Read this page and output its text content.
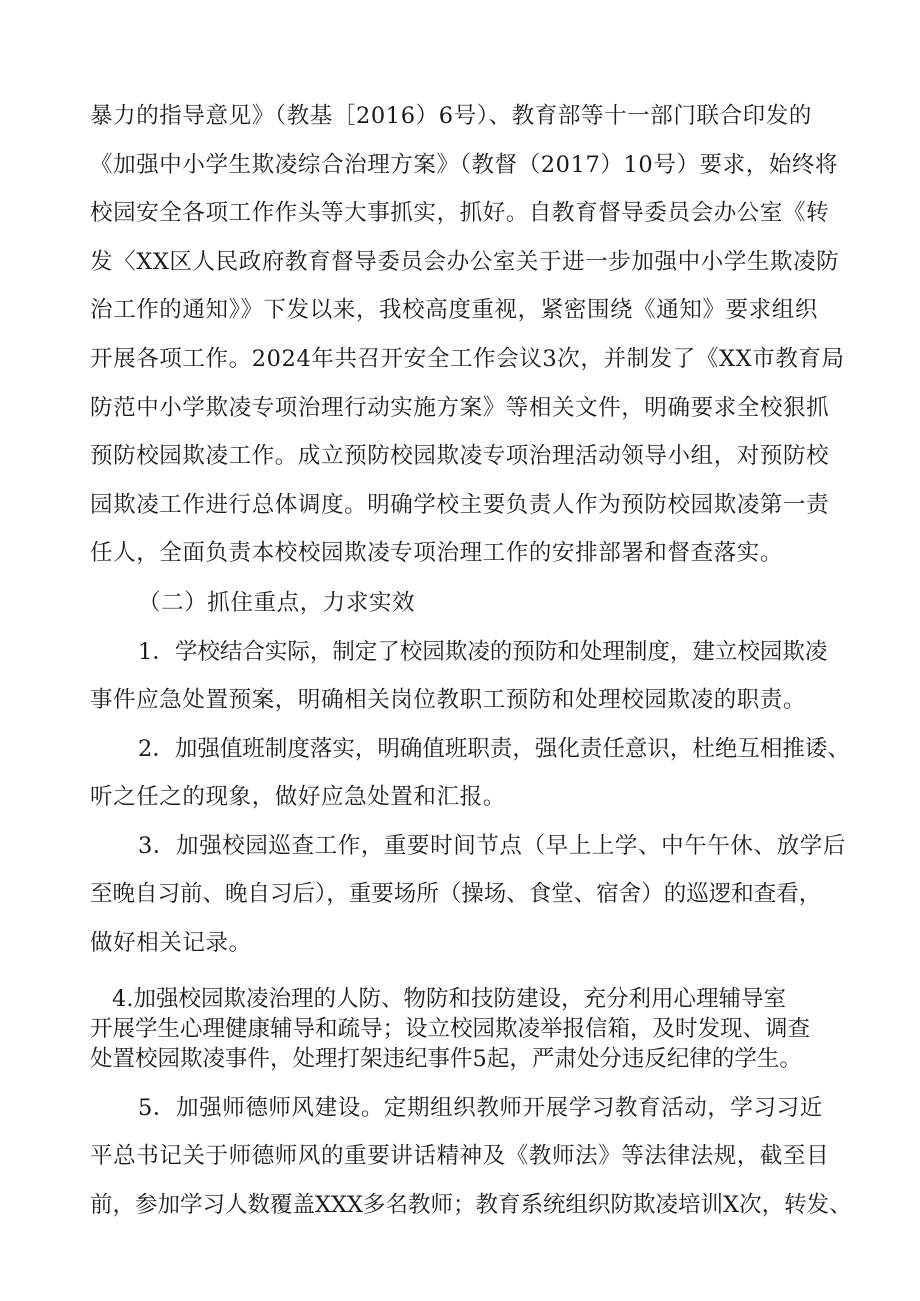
暴力的指导意见》（教基［2016）6号）、教育部等十一部门联合印发的
《加强中小学生欺凌综合治理方案》（教督（2017）10号）要求，始终将
校园安全各项工作作头等大事抓实，抓好。自教育督导委员会办公室《转
发〈XX区人民政府教育督导委员会办公室关于进一步加强中小学生欺凌防
治工作的通知》》下发以来，我校高度重视，紧密围绕《通知》要求组织
开展各项工作。2024年共召开安全工作会议3次，并制发了《XX市教育局
防范中小学欺凌专项治理行动实施方案》等相关文件，明确要求全校狠抓
预防校园欺凌工作。成立预防校园欺凌专项治理活动领导小组，对预防校
园欺凌工作进行总体调度。明确学校主要负责人作为预防校园欺凌第一责
任人，全面负责本校校园欺凌专项治理工作的安排部署和督查落实。
（二）抓住重点，力求实效
1．学校结合实际，制定了校园欺凌的预防和处理制度，建立校园欺凌
事件应急处置预案，明确相关岗位教职工预防和处理校园欺凌的职责。
2．加强值班制度落实，明确值班职责，强化责任意识，杜绝互相推诿、
听之任之的现象，做好应急处置和汇报。
3．加强校园巡查工作，重要时间节点（早上上学、中午午休、放学后
至晚自习前、晚自习后），重要场所（操场、食堂、宿舍）的巡逻和查看，
做好相关记录。
4.加强校园欺凌治理的人防、物防和技防建设，充分利用心理辅导室
开展学生心理健康辅导和疏导；设立校园欺凌举报信箱，及时发现、调查
处置校园欺凌事件，处理打架违纪事件5起，严肃处分违反纪律的学生。
5．加强师德师风建设。定期组织教师开展学习教育活动，学习习近
平总书记关于师德师风的重要讲话精神及《教师法》等法律法规，截至目
前，参加学习人数覆盖XXX多名教师；教育系统组织防欺凌培训X次，转发、
